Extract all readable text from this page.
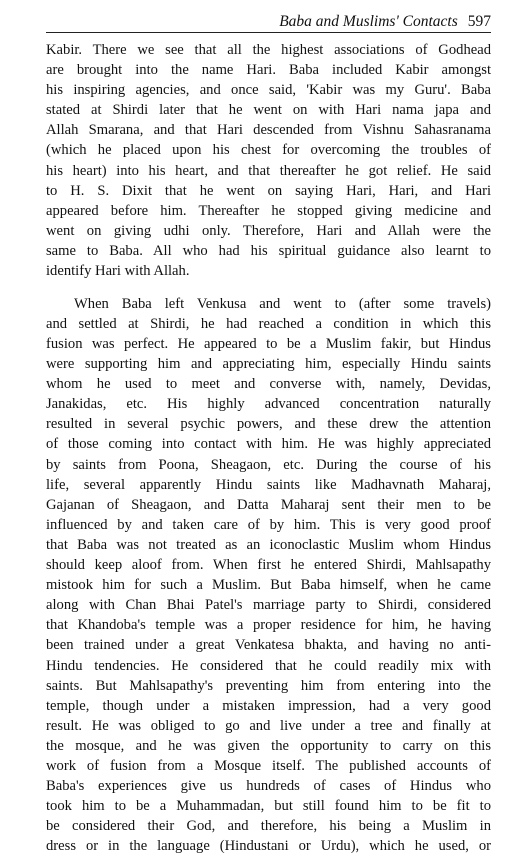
Baba and Muslims' Contacts 597
Kabir. There we see that all the highest associations of Godhead
are brought into the name Hari. Baba included Kabir amongst
his inspiring agencies, and once said, 'Kabir was my Guru'. Baba
stated at Shirdi later that he went on with Hari nama japa and
Allah Smarana, and that Hari descended from Vishnu Sahasranama
(which he placed upon his chest for overcoming the troubles of
his heart) into his heart, and that thereafter he got relief. He said
to H. S. Dixit that he went on saying Hari, Hari, and Hari
appeared before him. Thereafter he stopped giving medicine and
went on giving udhi only. Therefore, Hari and Allah were the
same to Baba. All who had his spiritual guidance also learnt to
identify Hari with Allah.
When Baba left Venkusa and went to (after some travels)
and settled at Shirdi, he had reached a condition in which this
fusion was perfect. He appeared to be a Muslim fakir, but Hindus
were supporting him and appreciating him, especially Hindu saints
whom he used to meet and converse with, namely, Devidas,
Janakidas, etc. His highly advanced concentration naturally
resulted in several psychic powers, and these drew the attention
of those coming into contact with him. He was highly appreciated
by saints from Poona, Sheagaon, etc. During the course of his
life, several apparently Hindu saints like Madhavnath Maharaj,
Gajanan of Sheagaon, and Datta Maharaj sent their men to be
influenced by and taken care of by him. This is very good proof
that Baba was not treated as an iconoclastic Muslim whom Hindus
should keep aloof from. When first he entered Shirdi, Mahlsapathy
mistook him for such a Muslim. But Baba himself, when he came
along with Chan Bhai Patel's marriage party to Shirdi, considered
that Khandoba's temple was a proper residence for him, he having
been trained under a great Venkatesa bhakta, and having no anti-
Hindu tendencies. He considered that he could readily mix with
saints. But Mahlsapathy's preventing him from entering into the
temple, though under a mistaken impression, had a very good
result. He was obliged to go and live under a tree and finally at
the mosque, and he was given the opportunity to carry on this
work of fusion from a Mosque itself. The published accounts of
Baba's experiences give us hundreds of cases of Hindus who
took him to be a Muhammadan, but still found him to be fit to
be considered their God, and therefore, his being a Muslim in
dress or in the language (Hindustani or Urdu), which he used, or
